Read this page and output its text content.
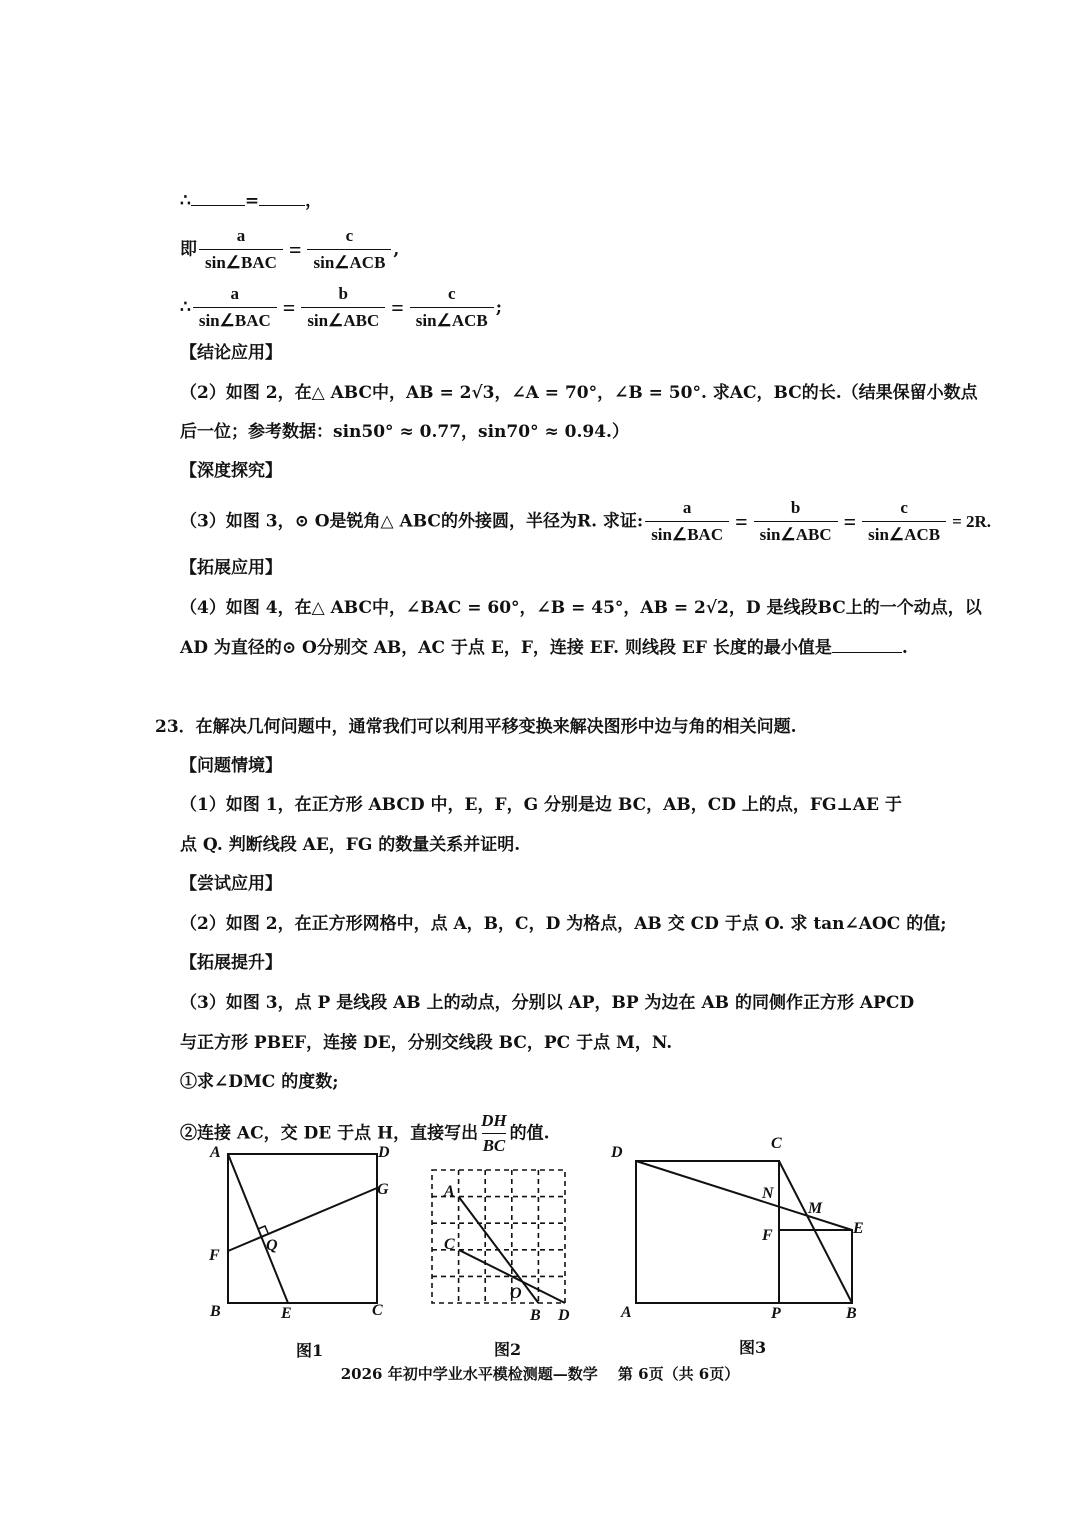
∴	=	，
即 $\frac{a}{\text{sin∠BAC}} = \frac{c}{\text{sin∠ACB}}$ ,
∴ $\frac{a}{\text{sin∠BAC}} = \frac{b}{\text{sin∠ABC}} = \frac{c}{\text{sin∠ACB}}$ ;
【结论应用】
（2）如图 2，在△ ABC中，AB = 2√3，∠A = 70°，∠B = 50°. 求AC，BC的长.（结果保留小数点
后一位；参考数据：sin50° ≈ 0.77，sin70° ≈ 0.94.）
【深度探究】
（3）如图 3，⊙ O是锐角△ ABC的外接圆，半径为R. 求证: $\frac{a}{\text{sin∠BAC}} = \frac{b}{\text{sin∠ABC}} = \frac{c}{\text{sin∠ACB}} = 2R$.
【拓展应用】
（4）如图 4，在△ ABC中，∠BAC = 60°，∠B = 45°，AB = 2√2，D 是线段BC上的一个动点，以
AD 为直径的⊙ O分别交 AB，AC 于点 E，F，连接 EF. 则线段 EF 长度的最小值是	.
23．在解决几何问题中，通常我们可以利用平移变换来解决图形中边与角的相关问题.
【问题情境】
（1）如图 1，在正方形 ABCD 中，E，F，G 分别是边 BC，AB，CD 上的点，FG⊥AE 于
点 Q. 判断线段 AE，FG 的数量关系并证明.
【尝试应用】
（2）如图 2，在正方形网格中，点 A，B，C，D 为格点，AB 交 CD 于点 O. 求 tan∠AOC 的值;
【拓展提升】
（3）如图 3，点 P 是线段 AB 上的动点，分别以 AP，BP 为边在 AB 的同侧作正方形 APCD
与正方形 PBEF，连接 DE，分别交线段 BC，PC 于点 M，N.
①求∠DMC 的度数;
②连接 AC，交 DE 于点 H，直接写出 $\frac{DH}{BC}$ 的值.
A	D
G
F
Q
B	E	C
A
C
O
B D
D
C
N
M
F	E
A	P	B
图1	图2	图3
2026 年初中学业水平模检测题—数学　 第 6页（共 6页）
